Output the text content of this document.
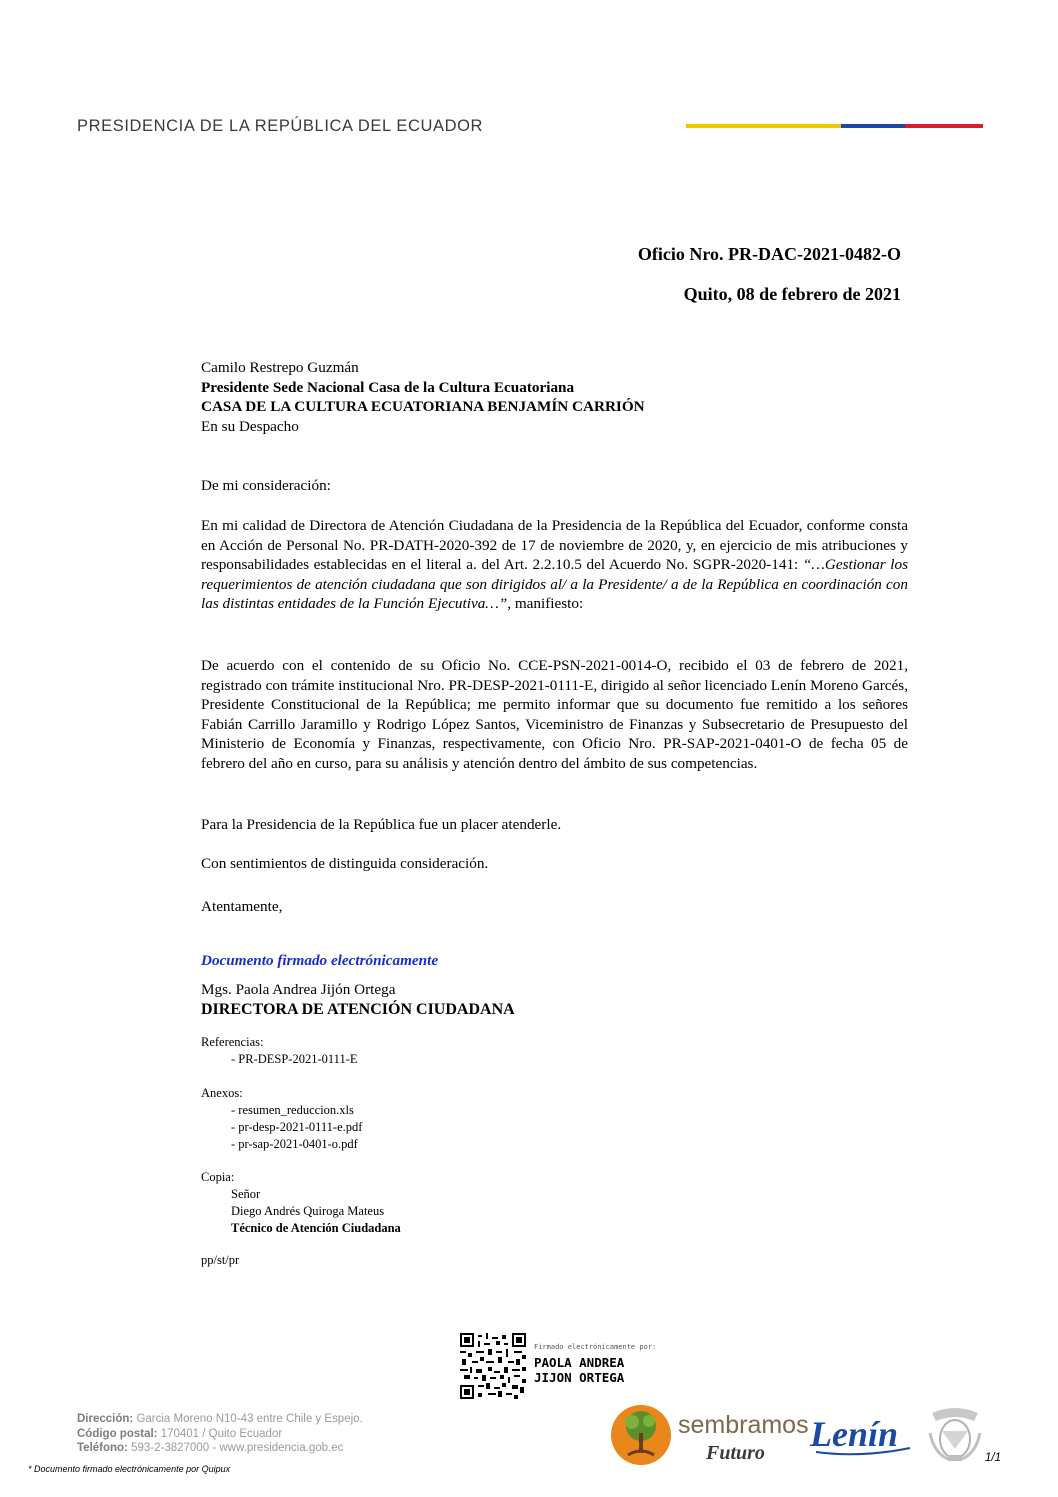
PRESIDENCIA DE LA REPÚBLICA DEL ECUADOR
Oficio Nro. PR-DAC-2021-0482-O
Quito, 08 de febrero de 2021
Camilo Restrepo Guzmán
Presidente Sede Nacional Casa de la Cultura Ecuatoriana
CASA DE LA CULTURA ECUATORIANA BENJAMÍN CARRIÓN
En su Despacho
De mi consideración:

En mi calidad de Directora de Atención Ciudadana de la Presidencia de la República del Ecuador, conforme consta en Acción de Personal No. PR-DATH-2020-392 de 17 de noviembre de 2020, y, en ejercicio de mis atribuciones y responsabilidades establecidas en el literal a. del Art. 2.2.10.5 del Acuerdo No. SGPR-2020-141: “…Gestionar los requerimientos de atención ciudadana que son dirigidos al/ a la Presidente/ a de la República en coordinación con las distintas entidades de la Función Ejecutiva…”, manifiesto:

De acuerdo con el contenido de su Oficio No. CCE-PSN-2021-0014-O, recibido el 03 de febrero de 2021, registrado con trámite institucional Nro. PR-DESP-2021-0111-E, dirigido al señor licenciado Lenín Moreno Garcés, Presidente Constitucional de la República; me permito informar que su documento fue remitido a los señores Fabián Carrillo Jaramillo y Rodrigo López Santos, Viceministro de Finanzas y Subsecretario de Presupuesto del Ministerio de Economía y Finanzas, respectivamente, con Oficio Nro. PR-SAP-2021-0401-O de fecha 05 de febrero del año en curso, para su análisis y atención dentro del ámbito de sus competencias.

Para la Presidencia de la República fue un placer atenderle.

Con sentimientos de distinguida consideración.

Atentamente,

Documento firmado electrónicamente
Mgs. Paola Andrea Jijón Ortega
DIRECTORA DE ATENCIÓN CIUDADANA
Referencias:
- PR-DESP-2021-0111-E
Anexos:
- resumen_reduccion.xls
- pr-desp-2021-0111-e.pdf
- pr-sap-2021-0401-o.pdf
Copia:
Señor
Diego Andrés Quiroga Mateus
Técnico de Atención Ciudadana
pp/st/pr
Firmado electrónicamente por:
PAOLA ANDREA
JIJON ORTEGA
Dirección: Garcia Moreno N10-43 entre Chile y Espejo.
Código postal: 170401 / Quito Ecuador
Teléfono: 593-2-3827000 - www.presidencia.gob.ec
sembramos
Futuro Lenín
1/1
* Documento firmado electrónicamente por Quipux
